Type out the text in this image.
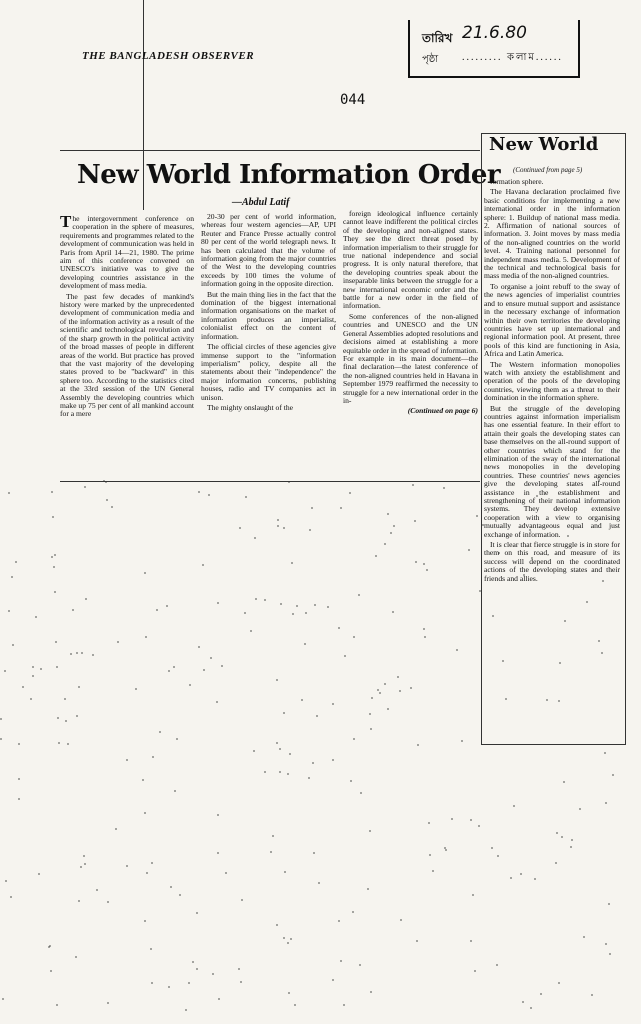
THE BANGLADESH OBSERVER
তারিখ 21.6.80
পৃষ্ঠা ......... কলাম......
044
New World Information Order
—Abdul Latif

The intergovernment conference on cooperation in the sphere of measures, requirements and programmes related to the development of communication was held in Paris from April 14—21, 1980. The prime aim of this conference convened on UNESCO's initiative was to give the developing countries assistance in the development of mass media.

The past few decades of mankind's history were marked by the unprecedented development of communication media and of the information activity as a result of the scientific and technological revolution and of the sharp growth in the political activity of the broad masses of people in different areas of the world. But practice has proved that the vast majority of the developing states proved to be "backward" in this sphere too. According to the statistics cited at the 33rd session of the UN General Assembly the developing countries which make up 75 per cent of all mankind account for a mere

20-30 per cent of world information, whereas four western agencies—AP, UPI Reuter and France Presse actually control 80 per cent of the world telegraph news. It has been calculated that the volume of information going from the major countries of the West to the developing countries exceeds by 100 times the volume of information going in the opposite direction.

But the main thing lies in the fact that the domination of the biggest international information organisations on the market of information produces an imperialist, colonialist effect on the content of information.

The official circles of these agencies give immense support to the "information imperialism" policy, despite all the statements about their "independence" the major information concerns, publishing houses, radio and TV companies act in unison.

The mighty onslaught of the

foreign ideological influence certainly cannot leave indifferent the political circles of the developing and non-aligned states. They see the direct threat posed by information imperialism to their struggle for true national independence and social progress. It is only natural therefore, that the developing countries speak about the inseparable links between the struggle for a new international economic order and the battle for a new order in the field of information.

Some conferences of the non-aligned countries and UNESCO and the UN General Assemblies adopted resolutions and decisions aimed at establishing a more equitable order in the spread of information. For example in its main document—the final declaration—the latest conference of the non-aligned countries held in Havana in September 1979 reaffirmed the necessity to struggle for a new international order in the in-

(Continued on page 6)
New World
(Continued from page 5)

formation sphere.

The Havana declaration proclaimed five basic conditions for implementing a new international order in the information sphere: 1. Buildup of national mass media. 2. Affirmation of national sources of information. 3. Joint moves by mass media of the non-aligned countries on the world level. 4. Training national personnel for independent mass media. 5. Development of the technical and technological basis for mass media of the non-aligned countries.

To organise a joint rebuff to the sway of the news agencies of imperialist countries and to ensure mutual support and assistance in the necessary exchange of information within their own territories the developing countries have set up international and regional information pool. At present, three pools of this kind are functioning in Asia, Africa and Latin America.

The Western information monopolies watch with anxiety the establishment and operation of the pools of the developing countries, viewing them as a threat to their domination in the information sphere.

But the struggle of the developing countries against information imperialism has one essential feature. In their effort to attain their goals the developing states can base themselves on the all-round support of other countries which stand for the elimination of the sway of the international news monopolies in the developing countries. These countries' news agencies give the developing states all-round assistance in the establishment and strengthening of their national information systems. They develop extensive cooperation with a view to organising mutually advantageous equal and just exchange of information.

It is clear that fierce struggle is in store for them on this road, and measure of its success will depend on the coordinated actions of the developing states and their friends and allies.
